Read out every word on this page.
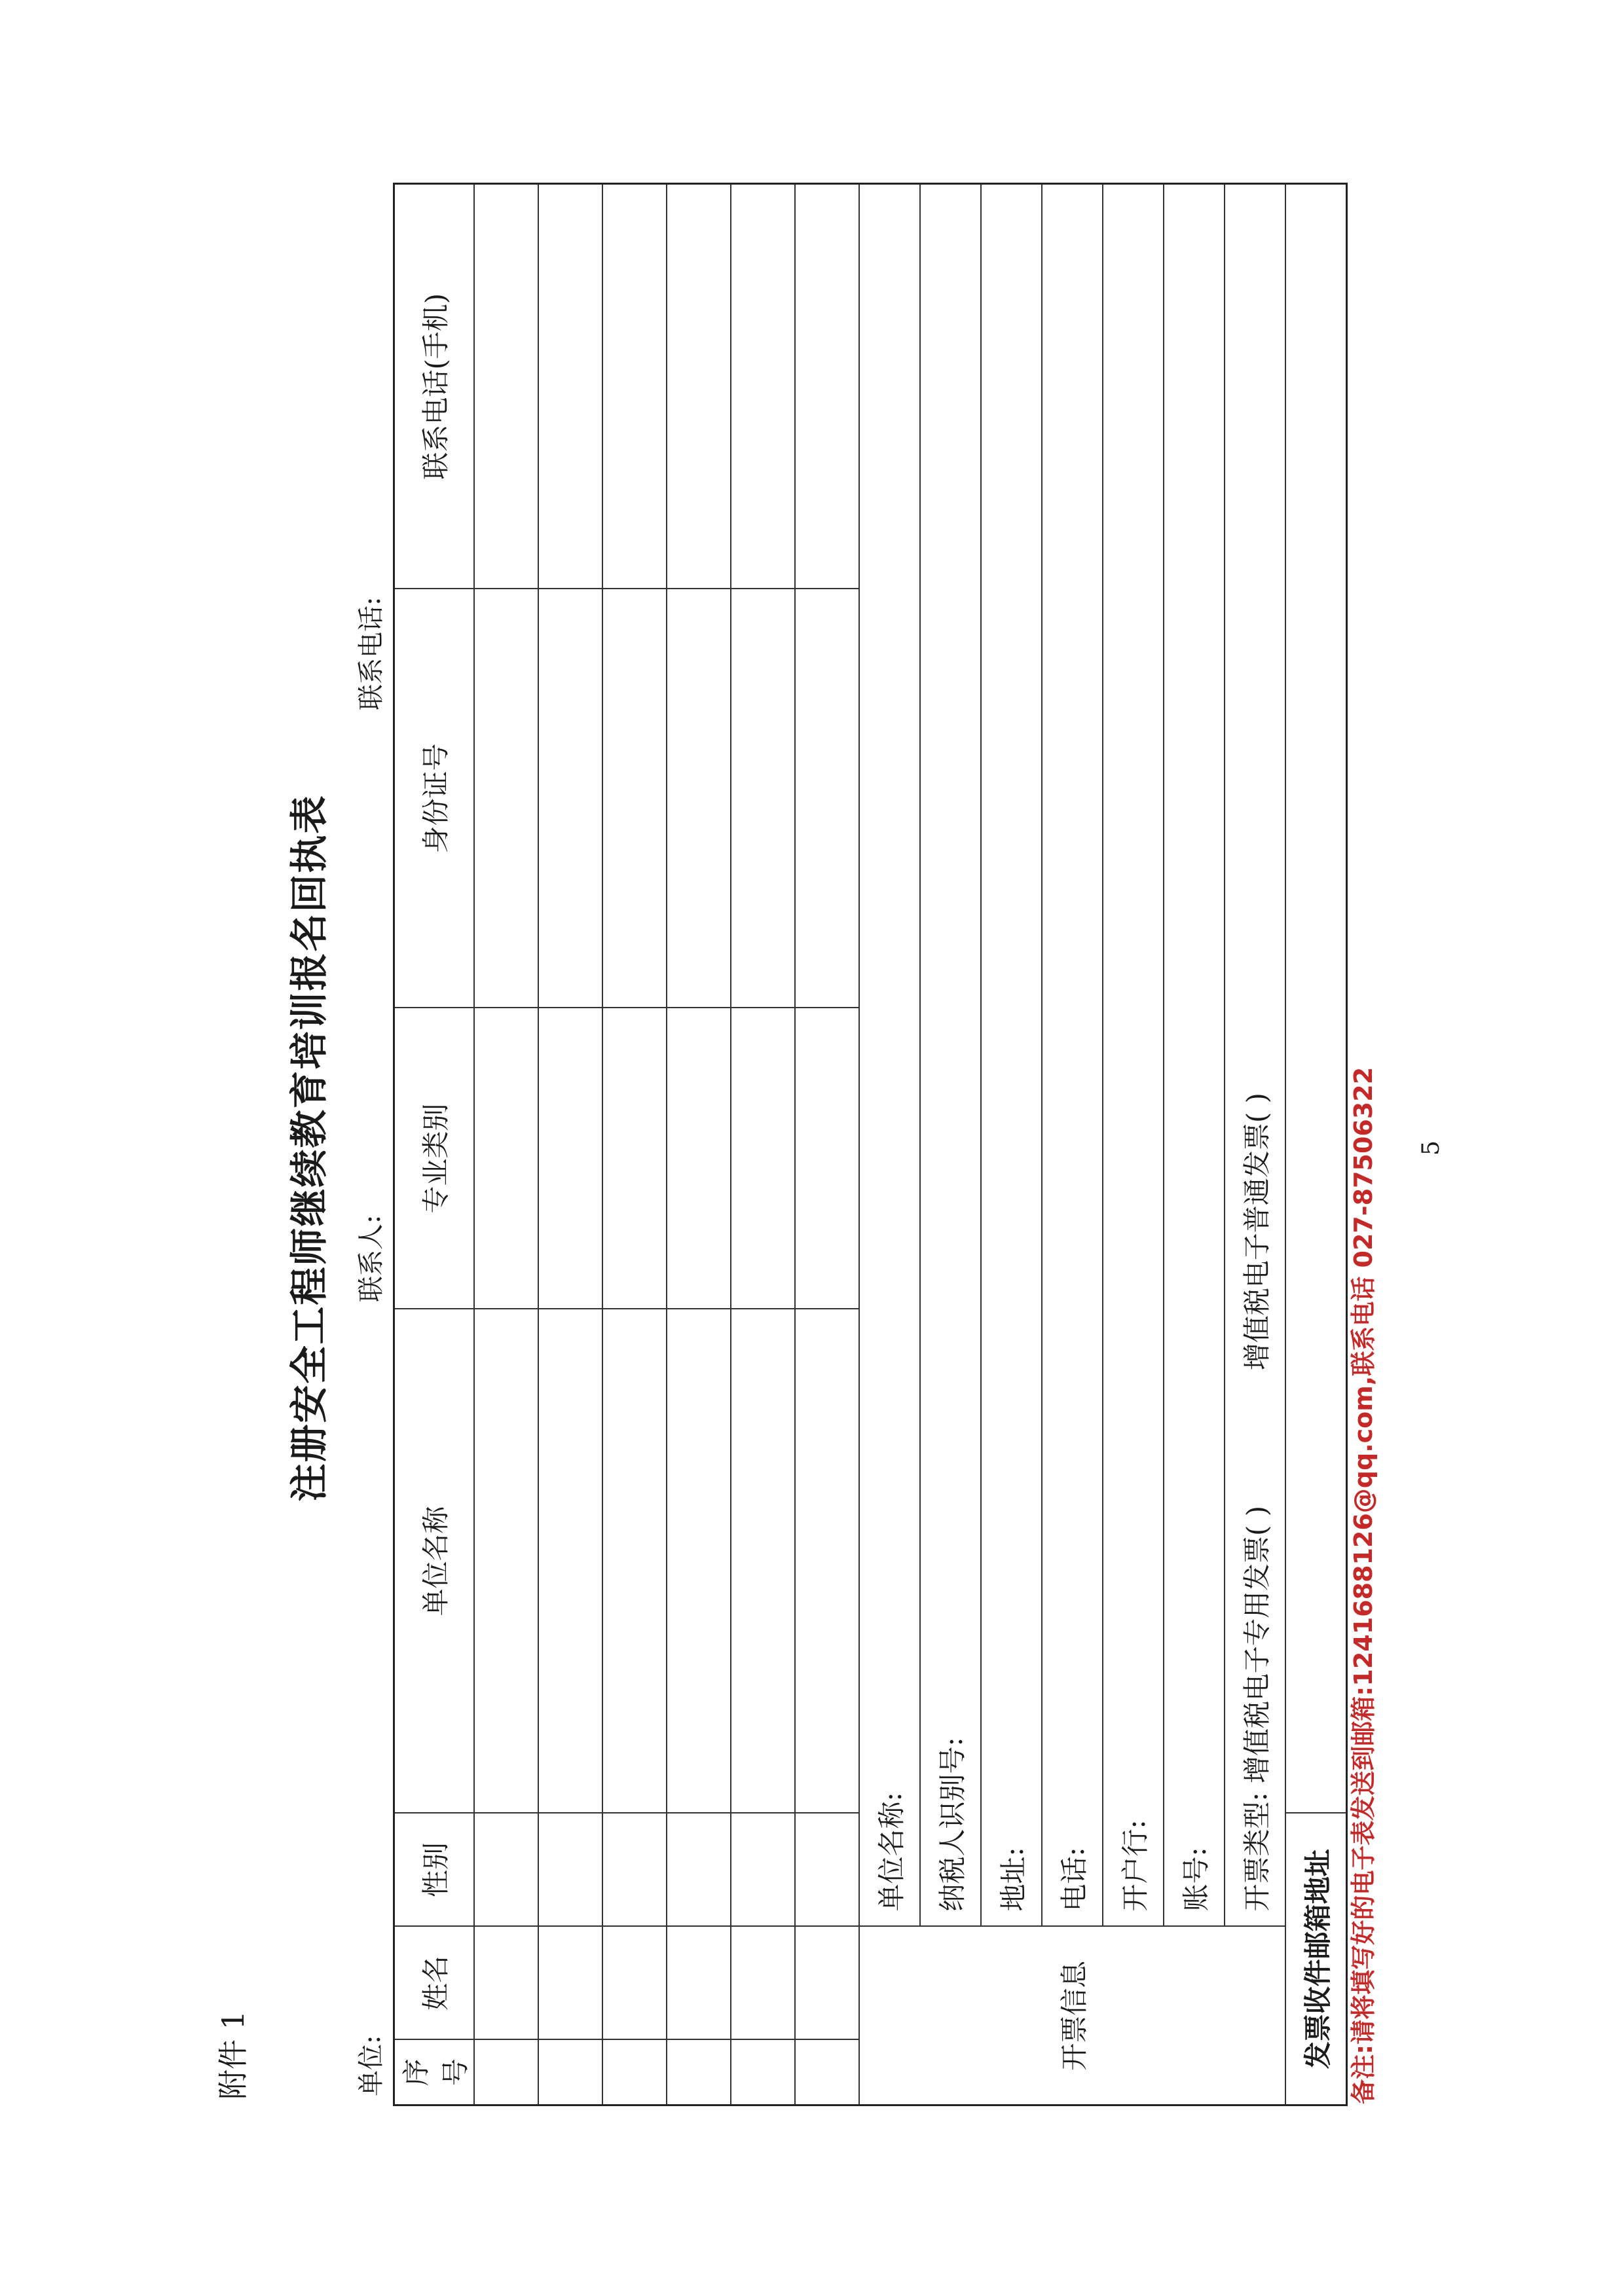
附件 1
注册安全工程师继续教育培训报名回执表
单位:
联系人:
联系电话:
序号	姓名	性别	单位名称	专业类别	身份证号	联系电话(手机)

开票信息		单位名称:				
		纳税人识别号:				
		地址:				
		电话:				
		开户行:				
		账号:				
		开票类型: 增值税电子专用发票( )  增值税电子普通发票( )				
发票收件邮箱地址						备注:请将填写好的电子表发送到邮箱:1241688126@qq.com,联系电话 027-87506322 5
